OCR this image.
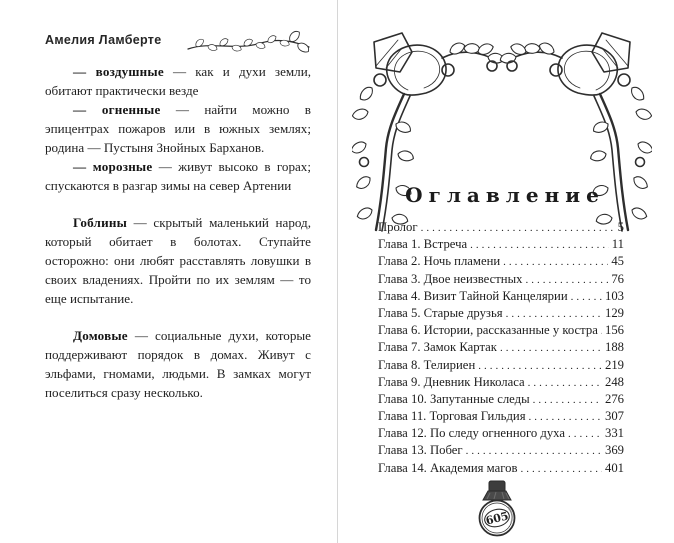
Амелия Ламберте

— воздушные — как и духи земли, обитают практически везде

— огненные — найти можно в эпицентрах пожаров или в южных землях; родина — Пустыня Знойных Барханов.

— морозные — живут высоко в горах; спускаются в разгар зимы на север Артении

Гоблины — скрытый маленький народ, который обитает в болотах. Ступайте осторожно: они любят расставлять ловушки в своих владениях. Пройти по их землям — то еще испытание.

Домовые — социальные духи, которые поддерживают порядок в домах. Живут с эльфами, гномами, людьми. В замках могут поселиться сразу несколько.

Оглавление
Пролог .....	5
Глава 1. Встреча .....	11
Глава 2. Ночь пламени .....	45
Глава 3. Двое неизвестных .....	76
Глава 4. Визит Тайной Канцелярии .....	103
Глава 5. Старые друзья .....	129
Глава 6. Истории, рассказанные у костра ..... 156
Глава 7. Замок Картак .....	188
Глава 8. Телириен .....	219
Глава 9. Дневник Николаса .....	248
Глава 10. Запутанные следы .....	276
Глава 11. Торговая Гильдия .....	307
Глава 12. По следу огненного духа .....	331
Глава 13. Побег .....	369
Глава 14. Академия магов .....	401
605
